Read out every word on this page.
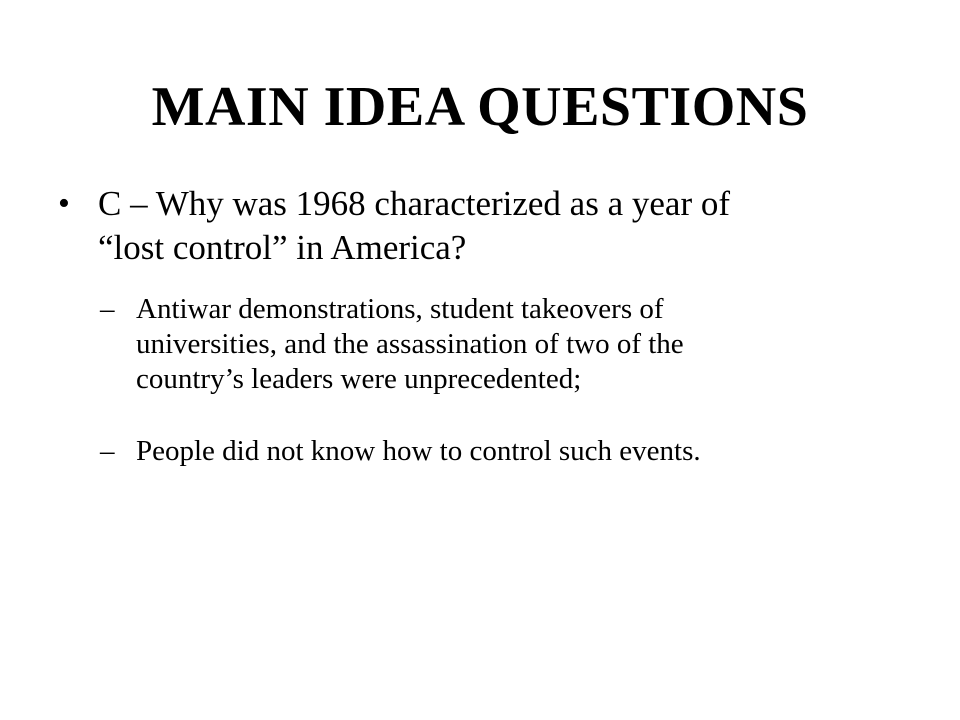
MAIN IDEA QUESTIONS
• C – Why was 1968 characterized as a year of
“lost control” in America?
– Antiwar demonstrations, student takeovers of
universities, and the assassination of two of the
country’s leaders were unprecedented;
– People did not know how to control such events.
